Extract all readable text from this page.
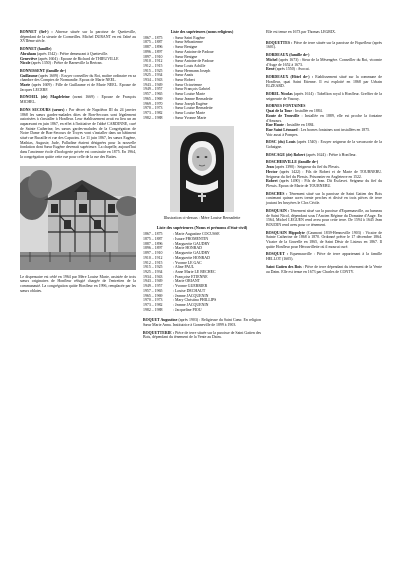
BONNET (fief-) : Aînesse située sur la paroisse de Quetteville, dépendant de la sieurie de Cormeilles. Michel DURANT en est l'aîné au XVIIème siècle.

BONNET (famille)

Abraham (après 1542) : Prêtre demeurant à Quetteville.

Geneviève (après 1604) : Epouse de Richard de THIEUVILLE

Nicole (après 1350) : Prêtre de Barneville la Bertran.

BONNISSENT (famille de-)

Guillaume (après 1609) : Ecuyer conseiller du Roi, maître ordinaire en sa chambre des Comptes de Normandie. Epoux de Marie NEEL.

Marie (après 1609) : Fille de Guillaume et de Marie NEEL. Epouse de Jacques LECERF.

BONOEIL (de) Magdeleine (avant 1669) : Epouse de François MICHEL.

BONS SECOURS (sœurs) : Par décret de Napoléon III du 24 janvier 1868 les sœurs gardes-malades dites de Bon-Secours sont légalement autorisées à s'installer à Honfleur. Leur établissement avait eu lieu un an auparavant en juin 1867, en effet à l'initiative de l'abbé CARDINNE, curé de Sainte Catherine, les sœurs gardes-malades de la Congrégation de Notre Dame de Bon-Secours de Troyes vont s'installer dans un bâtiment situé rue Bucaille et rue des Capucins. Le 11 juin 1867, les sœurs Eugène, Mathias, Auguste, Jude, Palladine étaient désignées pour la nouvelle fondation dont Sœur Eugène devenait supérieure. La chapelle, aujourd'hui dans l'ancienne école d'horlogerie privée est construite en 1875. En 1964, la congrégation quitte cette rue pour celle de la rue des Buttes.

Le dispensaire est cédé en 1964 par Mère Louise Marie, assistée de trois sœurs originaires de Honfleur réfugié chargée de l'entretien de la communauté. La congrégation quitte Honfleur en 1996, remplacée par les sœurs oblates.

Liste des supérieures (noms religieux)

1867 – 1875	: Sœur Saint Eugène
1875 – 1887	: Sœur Sébastienne
1887 – 1896	: Sœur Benigne
1896 – 1897	: Sœur Antoine de Padoue
1897 – 1910	: Sœur Benigne
1910 – 1912	: Sœur Antoine de Padoue
1912 – 1915	: Sœur Louis Achille
1915 – 1925	: Sœur Hermann Joseph
1925 – 1934	: Sœur Anaïs
1934 – 1943	: Sœur Robert
1943 – 1949	: Sœur Octavienne
1949 – 1957	: Sœur François Gabriel
1957 – 1965	: Sœur Louise Marie
1965 – 1969	: Sœur Jeanne Bernadette
1969 – 1970	: Sœur Joseph Eugène
1970 – 1973	: Sœur Louise Bernadette
1973 – 1982	: Sœur Louise Marie
1982 – 1988	: Sœur Yvonne Marie

Illustration ci-dessus : Mère Louise Bernadette

Liste des supérieures (Noms et prénoms d'état-civil)

1867 – 1875	: Marie Augustine COCUSSE
1875 – 1887	: Isaure FROMENTIN
1887 – 1896	: Marguerite GAUDRY
1896 – 1897	: Marie HONRAD
1897 – 1910	: Marguerite GAUDRY
1910 – 1912	: Marguerite HONRAD
1912 – 1915	: Yvonne LE GAC
1915 – 1925	: Aline PAUL
1925 – 1934	: Anne Marie LE BECHEC
1934 – 1943	: Françoise ETIENNE
1943 – 1949	: Marie ORIANT
1949 – 1957	: Yvonne GUERRIER
1957 – 1965	: Louise DECHAUT
1965 – 1969	: Jeanne JACQUENIN
1970 – 1973	: Mary Christina PHILLIPS
1973 – 1982	: Jeanne JACQUENIN
1982 – 1988	: Jacqueline PIOU

BOQUET Augustine (après 1903) : Religieuse du Saint Cœur. En religion Sœur Marie Anna. Institutrice à Gonneville de 1899 à 1903.

BOQUETTERIE : Pièce de terre située sur la paroisse de Saint Gatien des Bois, dépendant du tènement de la Vente au Daim.

Elle est tenue en 1673 par Thomas LEGRIX.

BOQUETTES : Pièce de terre située sur la paroisse de Fiquefleur (après 1601).

BORDEAUX (famille de-)

Michel (après 1673) : Sieur de la Mésengère. Conseiller du Roi, vicomte d'Auge de 1652 à 1673.

René (après 1550) : Avocat.

BORDEAUX (Hôtel de-) : Etablissement situé sur la commune de Honfleur, quai Saint Etienne. Il est exploité en 1868 par Urbain ELZEARD.

BOREL Nicolas (après 1614) : Tabellion royal à Honfleur. Greffier de la seigneurie de Vasouy.

BORNES FONTAINES

Quai de la Tour : Installée en 1884.

Route de Trouville : Installée en 1889, elle est proche la fontaine d'Amours.

Rue Haute : Installée en 1884.

Rue Saint Léonard : Les bornes fontaines sont installées en 1875.

Voir aussi à Pompes.

BOSC (du) Louis (après 1540) : Ecuyer seigneur de la vavassorie de la Gohaigne.

BOSCAGE (de) Robert (après 1624) : Prêtre à Honfleur.

BOSCHERVILLE (famille de-)

Jean (après 1390) : Seigneur du fief du Plessis.

Hector (après 1422) : Fils de Robert et de Marie de TOURNEBU. Seigneur du fief du Plessis. Prisonnier en Angleterre en 1522.

Robert (après 1490) : Fils de Jean. Dit Esclavet. Seigneur du fief du Plessis. Epoux de Marie de TOURNEBU.

BOSCHES : Ténement situé sur la paroisse de Saint Gatien des Bois contenant quinze acres trente perches et divisé en trois pièces de terre joutant les bruyères le Clos Cécile.

BOSQUAIN : Ténement situé sur la paroisse d'Equemauville, au hameau de Saint Nicol, dépendant sous l'Ancien Régime du Domaine d'Auge. En 1564, Michel LEGUEN rend aveu pour cette terre. De 1594 à 1645 Jean BOUDIN rend aveu pour ce ténement.

BOSQUAIN Hippolyte (Caumont 1839-Hennoville 1903) : Vicaire de Sainte Catherine de 1868 à 1870. Ordonné prêtre le 17 décembre 1864. Vicaire de la Gravelle en 1865, de Saint Désir de Lisieux en 1867. Il quitte Honfleur pour Hérouvillette où il mourut curé.

BOSQUET : Equemauville : Pièce de terre appartenant à la famille HELLOT (1605).

Saint Gatien des Bois : Pièce de terre dépendant du ténement de la Vente au Daim. Elle est tenue en 1673 par Charles de CONTY.
